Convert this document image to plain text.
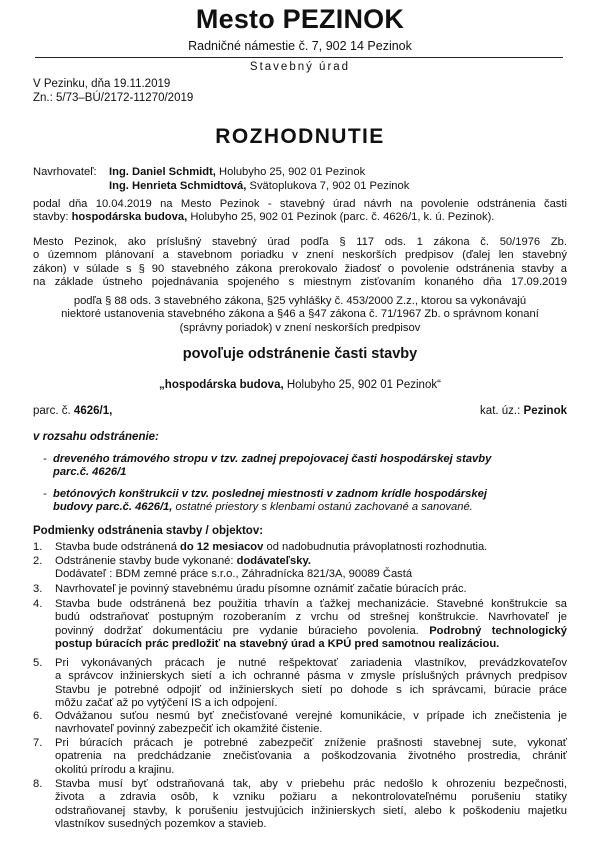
Mesto PEZINOK
Radničné námestie č. 7, 902 14 Pezinok
Stavebný úrad
V Pezinku, dňa 19.11.2019
Zn.: 5/73–BÚ/2172-11270/2019
ROZHODNUTIE
Navrhovateľ: Ing. Daniel Schmidt, Holubyho 25, 902 01 Pezinok
Ing. Henrieta Schmidtová, Svätoplukova 7, 902 01 Pezinok
podal dňa 10.04.2019 na Mesto Pezinok - stavebný úrad návrh na povolenie odstránenia časti
stavby: hospodárska budova, Holubyho 25, 902 01 Pezinok (parc. č. 4626/1, k. ú. Pezinok).
Mesto Pezinok, ako príslušný stavebný úrad podľa § 117 ods. 1 zákona č. 50/1976 Zb.
o územnom plánovaní a stavebnom poriadku v znení neskorších predpisov (ďalej len stavebný
zákon) v súlade s § 90 stavebného zákona prerokovalo žiadosť o povolenie odstránenia stavby a
na základe ústneho pojednávania spojeného s miestnym zisťovaním konaného dňa 17.09.2019
podľa § 88 ods. 3 stavebného zákona, §25 vyhlášky č. 453/2000 Z.z., ktorou sa vykonávajú
niektoré ustanovenia stavebného zákona a §46 a §47 zákona č. 71/1967 Zb. o správnom konaní
(správny poriadok) v znení neskorších predpisov
povoľuje odstránenie časti stavby
„hospodárska budova, Holubyho 25, 902 01 Pezinok“
parc. č. 4626/1,	kat. úz.: Pezinok
v rozsahu odstránenie:
- dreveného trámového stropu v tzv. zadnej prepojovacej časti hospodárskej stavby
parc.č. 4626/1
- betónových konštrukcii v tzv. poslednej miestnosti v zadnom krídle hospodárskej
budovy parc.č. 4626/1, ostatné priestory s klenbami ostanú zachované a sanované.
Podmienky odstránenia stavby / objektov:
1. Stavba bude odstránená do 12 mesiacov od nadobudnutia právoplatnosti rozhodnutia.
2. Odstránenie stavby bude vykonané: dodávateľsky.
Dodávateľ : BDM zemné práce s.r.o., Záhradnícka 821/3A, 90089 Častá
3. Navrhovateľ je povinný stavebnému úradu písomne oznámiť začatie búracích prác.
4. Stavba bude odstránená bez použitia trhavín a ťažkej mechanizácie. Stavebné konštrukcie sa
budú odstraňovať postupným rozoberaním z vrchu od strešnej konštrukcie. Navrhovateľ je
povinný dodržať dokumentáciu pre vydanie búracieho povolenia. Podrobný technologický
postup búracích prác predložiť na stavebný úrad a KPÚ pred samotnou realizáciou.
5. Pri vykonávaných prácach je nutné rešpektovať zariadenia vlastníkov, prevádzkovateľov
a správcov inžinierskych sietí a ich ochranné pásma v zmysle príslušných právnych predpisov
Stavbu je potrebné odpojiť od inžinierskych sietí po dohode s ich správcami, búracie práce
môžu začať až po vytýčení IS a ich odpojení.
6. Odvážanou suťou nesmú byť znečisťované verejné komunikácie, v prípade ich znečistenia je
navrhovateľ povinný zabezpečiť ich okamžité čistenie.
7. Pri búracích prácach je potrebné zabezpečiť zníženie prašnosti stavebnej sute, vykonať
opatrenia na predchádzanie znečisťovania a poškodzovania životného prostredia, chrániť
okolitú prírodu a krajinu.
8. Stavba musí byť odstraňovaná tak, aby v priebehu prác nedošlo k ohrozeniu bezpečnosti,
života a zdravia osôb, k vzniku požiaru a nekontrolovateľnému porušeniu statiky
odstraňovanej stavby, k porušeniu jestvujúcich inžinierskych sietí, alebo k poškodeniu majetku
vlastníkov susedných pozemkov a stavieb.
